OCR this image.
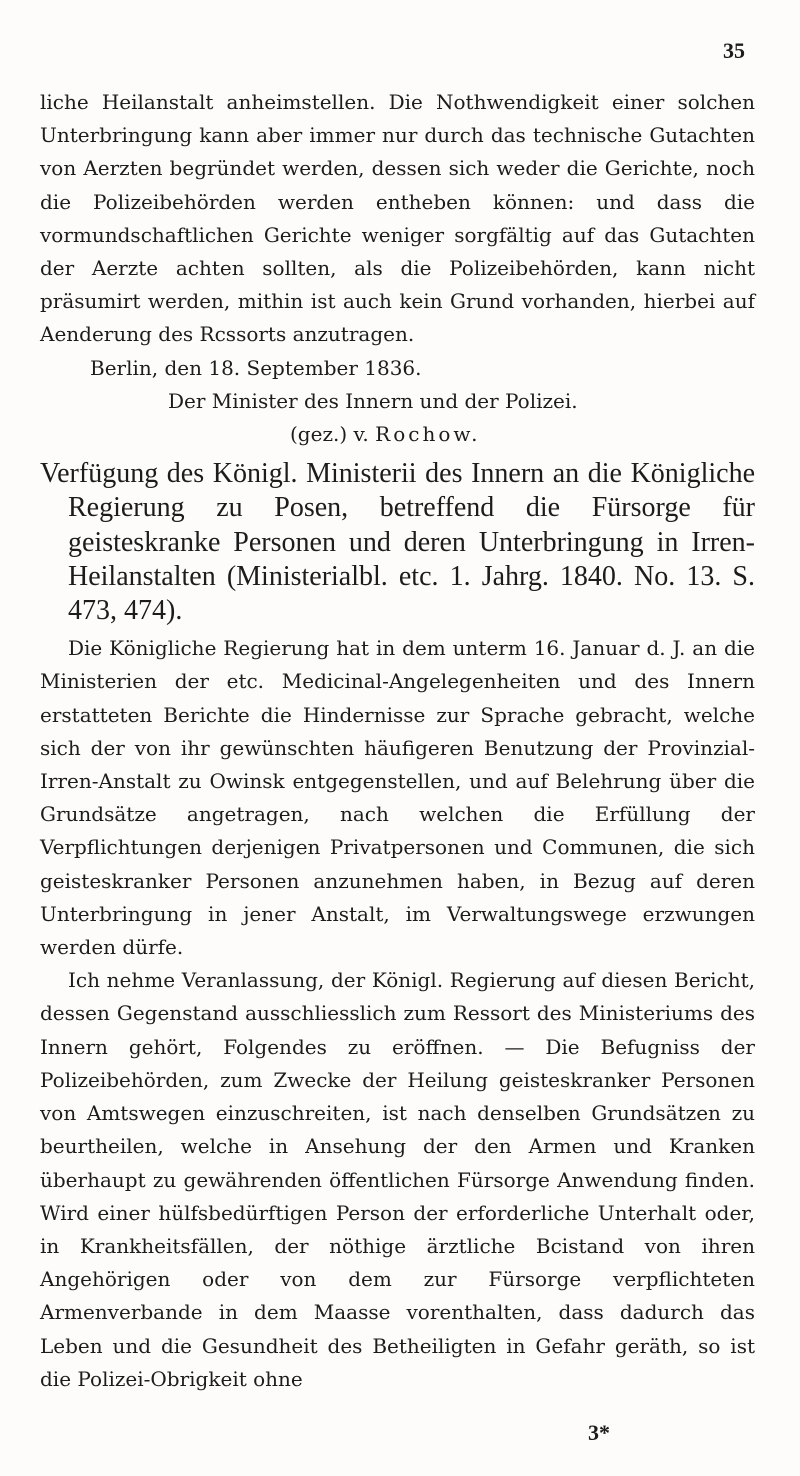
35

liche Heilanstalt anheimstellen. Die Nothwendigkeit einer solchen Unterbringung kann aber immer nur durch das technische Gutachten von Aerzten begründet werden, dessen sich weder die Gerichte, noch die Polizeibehörden werden entheben können: und dass die vormundschaftlichen Gerichte weniger sorgfältig auf das Gutachten der Aerzte achten sollten, als die Polizeibehörden, kann nicht präsumirt werden, mithin ist auch kein Grund vorhanden, hierbei auf Aenderung des Rcssorts anzutragen.

Berlin, den 18. September 1836.

Der Minister des Innern und der Polizei.

(gez.) v. Rochow.

Verfügung des Königl. Ministerii des Innern an die Königliche Regierung zu Posen, betreffend die Fürsorge für geisteskranke Personen und deren Unterbringung in Irren-Heilanstalten (Ministerialbl. etc. 1. Jahrg. 1840. No. 13. S. 473, 474).

Die Königliche Regierung hat in dem unterm 16. Januar d. J. an die Ministerien der etc. Medicinal-Angelegenheiten und des Innern erstatteten Berichte die Hindernisse zur Sprache gebracht, welche sich der von ihr gewünschten häufigeren Benutzung der Provinzial-Irren-Anstalt zu Owinsk entgegenstellen, und auf Belehrung über die Grundsätze angetragen, nach welchen die Erfüllung der Verpflichtungen derjenigen Privatpersonen und Communen, die sich geisteskranker Personen anzunehmen haben, in Bezug auf deren Unterbringung in jener Anstalt, im Verwaltungswege erzwungen werden dürfe.

Ich nehme Veranlassung, der Königl. Regierung auf diesen Bericht, dessen Gegenstand ausschliesslich zum Ressort des Ministeriums des Innern gehört, Folgendes zu eröffnen. — Die Befugniss der Polizeibehörden, zum Zwecke der Heilung geisteskranker Personen von Amtswegen einzuschreiten, ist nach denselben Grundsätzen zu beurtheilen, welche in Ansehung der den Armen und Kranken überhaupt zu gewährenden öffentlichen Fürsorge Anwendung finden. Wird einer hülfsbedürftigen Person der erforderliche Unterhalt oder, in Krankheitsfällen, der nöthige ärztliche Bcistand von ihren Angehörigen oder von dem zur Fürsorge verpflichteten Armenverbande in dem Maasse vorenthalten, dass dadurch das Leben und die Gesundheit des Betheiligten in Gefahr geräth, so ist die Polizei-Obrigkeit ohne

3*
